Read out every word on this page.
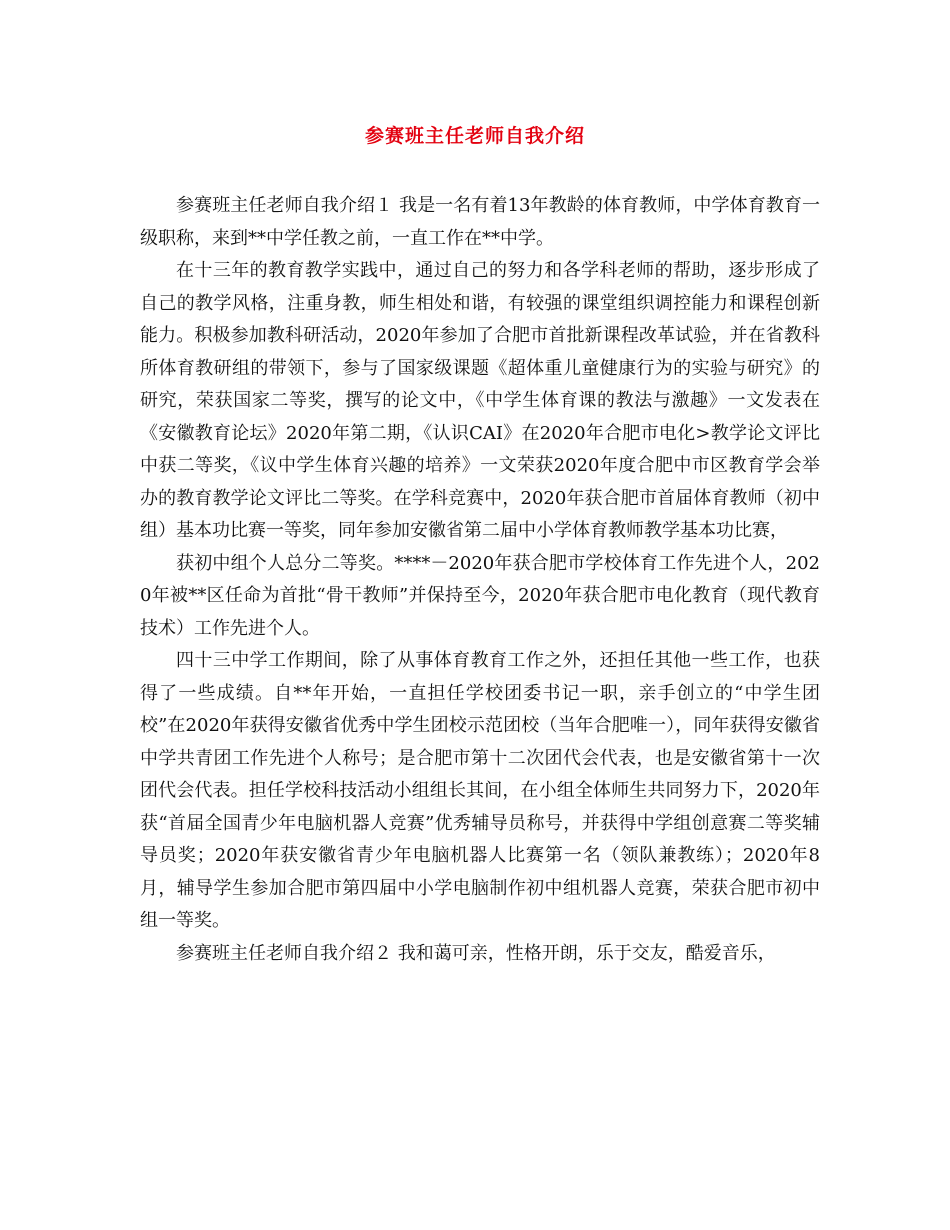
参赛班主任老师自我介绍

参赛班主任老师自我介绍１ 我是一名有着13年教龄的体育教师，中学体育教育一级职称，来到**中学任教之前，一直工作在**中学。

在十三年的教育教学实践中，通过自己的努力和各学科老师的帮助，逐步形成了自己的教学风格，注重身教，师生相处和谐，有较强的课堂组织调控能力和课程创新能力。积极参加教科研活动，2020年参加了合肥市首批新课程改革试验，并在省教科所体育教研组的带领下，参与了国家级课题《超体重儿童健康行为的实验与研究》的研究，荣获国家二等奖，撰写的论文中，《中学生体育课的教法与激趣》一文发表在《安徽教育论坛》2020年第二期，《认识CAI》在2020年合肥市电化>教学论文评比中获二等奖，《议中学生体育兴趣的培养》一文荣获2020年度合肥中市区教育学会举办的教育教学论文评比二等奖。在学科竞赛中，2020年获合肥市首届体育教师（初中组）基本功比赛一等奖，同年参加安徽省第二届中小学体育教师教学基本功比赛，

获初中组个人总分二等奖。****－2020年获合肥市学校体育工作先进个人，2020年被**区任命为首批“骨干教师”并保持至今，2020年获合肥市电化教育（现代教育技术）工作先进个人。

四十三中学工作期间，除了从事体育教育工作之外，还担任其他一些工作，也获得了一些成绩。自**年开始，一直担任学校团委书记一职，亲手创立的“中学生团校”在2020年获得安徽省优秀中学生团校示范团校（当年合肥唯一），同年获得安徽省中学共青团工作先进个人称号；是合肥市第十二次团代会代表，也是安徽省第十一次团代会代表。担任学校科技活动小组组长其间，在小组全体师生共同努力下，2020年获“首届全国青少年电脑机器人竞赛”优秀辅导员称号，并获得中学组创意赛二等奖辅导员奖；2020年获安徽省青少年电脑机器人比赛第一名（领队兼教练）；2020年8月，辅导学生参加合肥市第四届中小学电脑制作初中组机器人竞赛，荣获合肥市初中组一等奖。

参赛班主任老师自我介绍２ 我和蔼可亲，性格开朗，乐于交友，酷爱音乐，
